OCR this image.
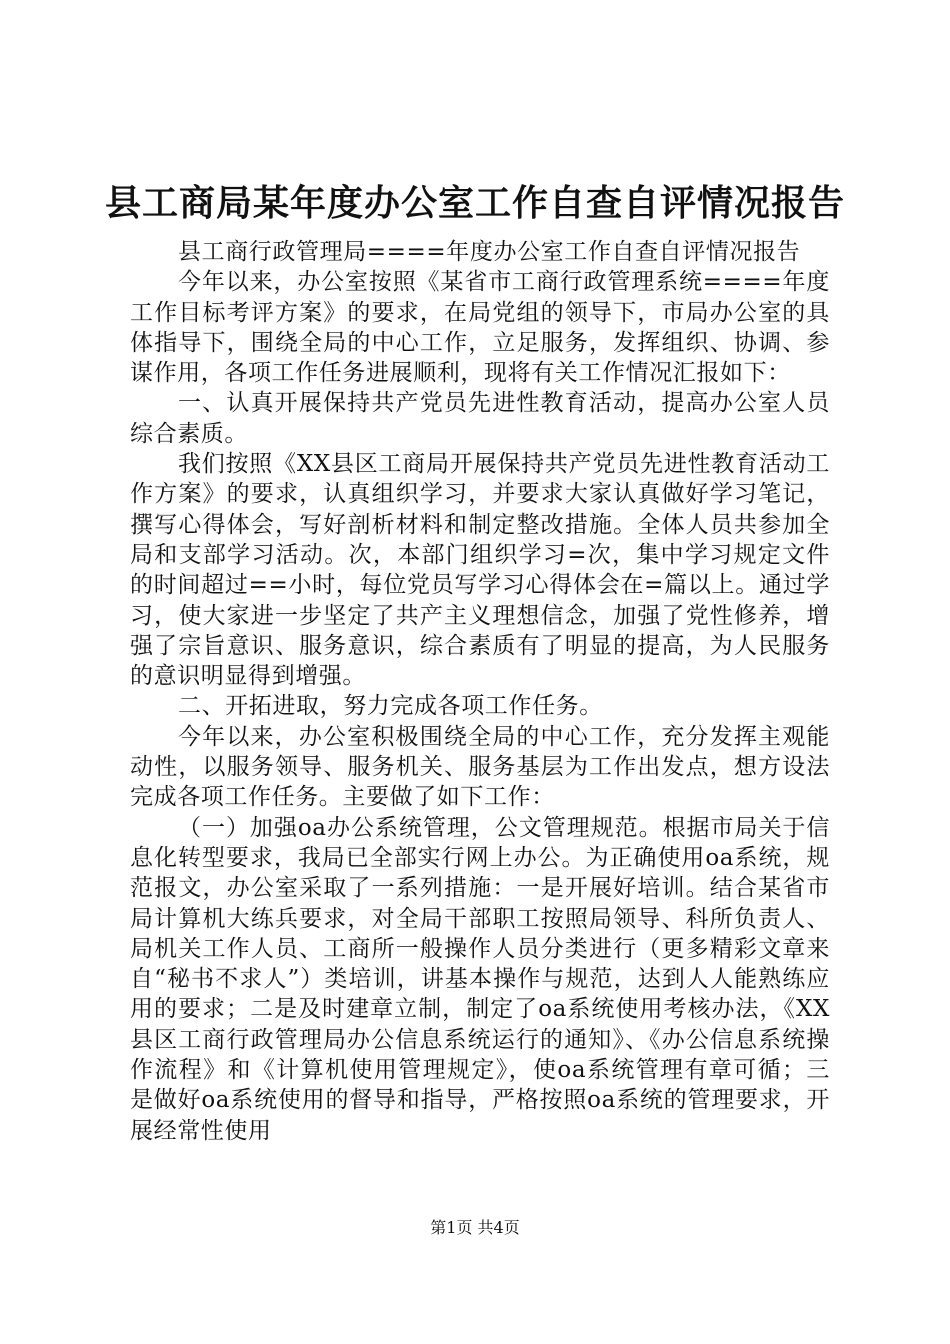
县工商局某年度办公室工作自查自评情况报告

县工商行政管理局====年度办公室工作自查自评情况报告

今年以来，办公室按照《某省市工商行政管理系统====年度工作目标考评方案》的要求，在局党组的领导下，市局办公室的具体指导下，围绕全局的中心工作，立足服务，发挥组织、协调、参谋作用，各项工作任务进展顺利，现将有关工作情况汇报如下：

一、认真开展保持共产党员先进性教育活动，提高办公室人员综合素质。

我们按照《XX县区工商局开展保持共产党员先进性教育活动工作方案》的要求，认真组织学习，并要求大家认真做好学习笔记，撰写心得体会，写好剖析材料和制定整改措施。全体人员共参加全局和支部学习活动。次，本部门组织学习=次，集中学习规定文件的时间超过==小时，每位党员写学习心得体会在=篇以上。通过学习，使大家进一步坚定了共产主义理想信念，加强了党性修养，增强了宗旨意识、服务意识，综合素质有了明显的提高，为人民服务的意识明显得到增强。

二、开拓进取，努力完成各项工作任务。

今年以来，办公室积极围绕全局的中心工作，充分发挥主观能动性，以服务领导、服务机关、服务基层为工作出发点，想方设法完成各项工作任务。主要做了如下工作：

（一）加强oa办公系统管理，公文管理规范。根据市局关于信息化转型要求，我局已全部实行网上办公。为正确使用oa系统，规范报文，办公室采取了一系列措施：一是开展好培训。结合某省市局计算机大练兵要求，对全局干部职工按照局领导、科所负责人、局机关工作人员、工商所一般操作人员分类进行（更多精彩文章来自“秘书不求人”）类培训，讲基本操作与规范，达到人人能熟练应用的要求；二是及时建章立制，制定了oa系统使用考核办法，《XX县区工商行政管理局办公信息系统运行的通知》、《办公信息系统操作流程》和《计算机使用管理规定》，使oa系统管理有章可循；三是做好oa系统使用的督导和指导，严格按照oa系统的管理要求，开展经常性使用

第1页 共4页
